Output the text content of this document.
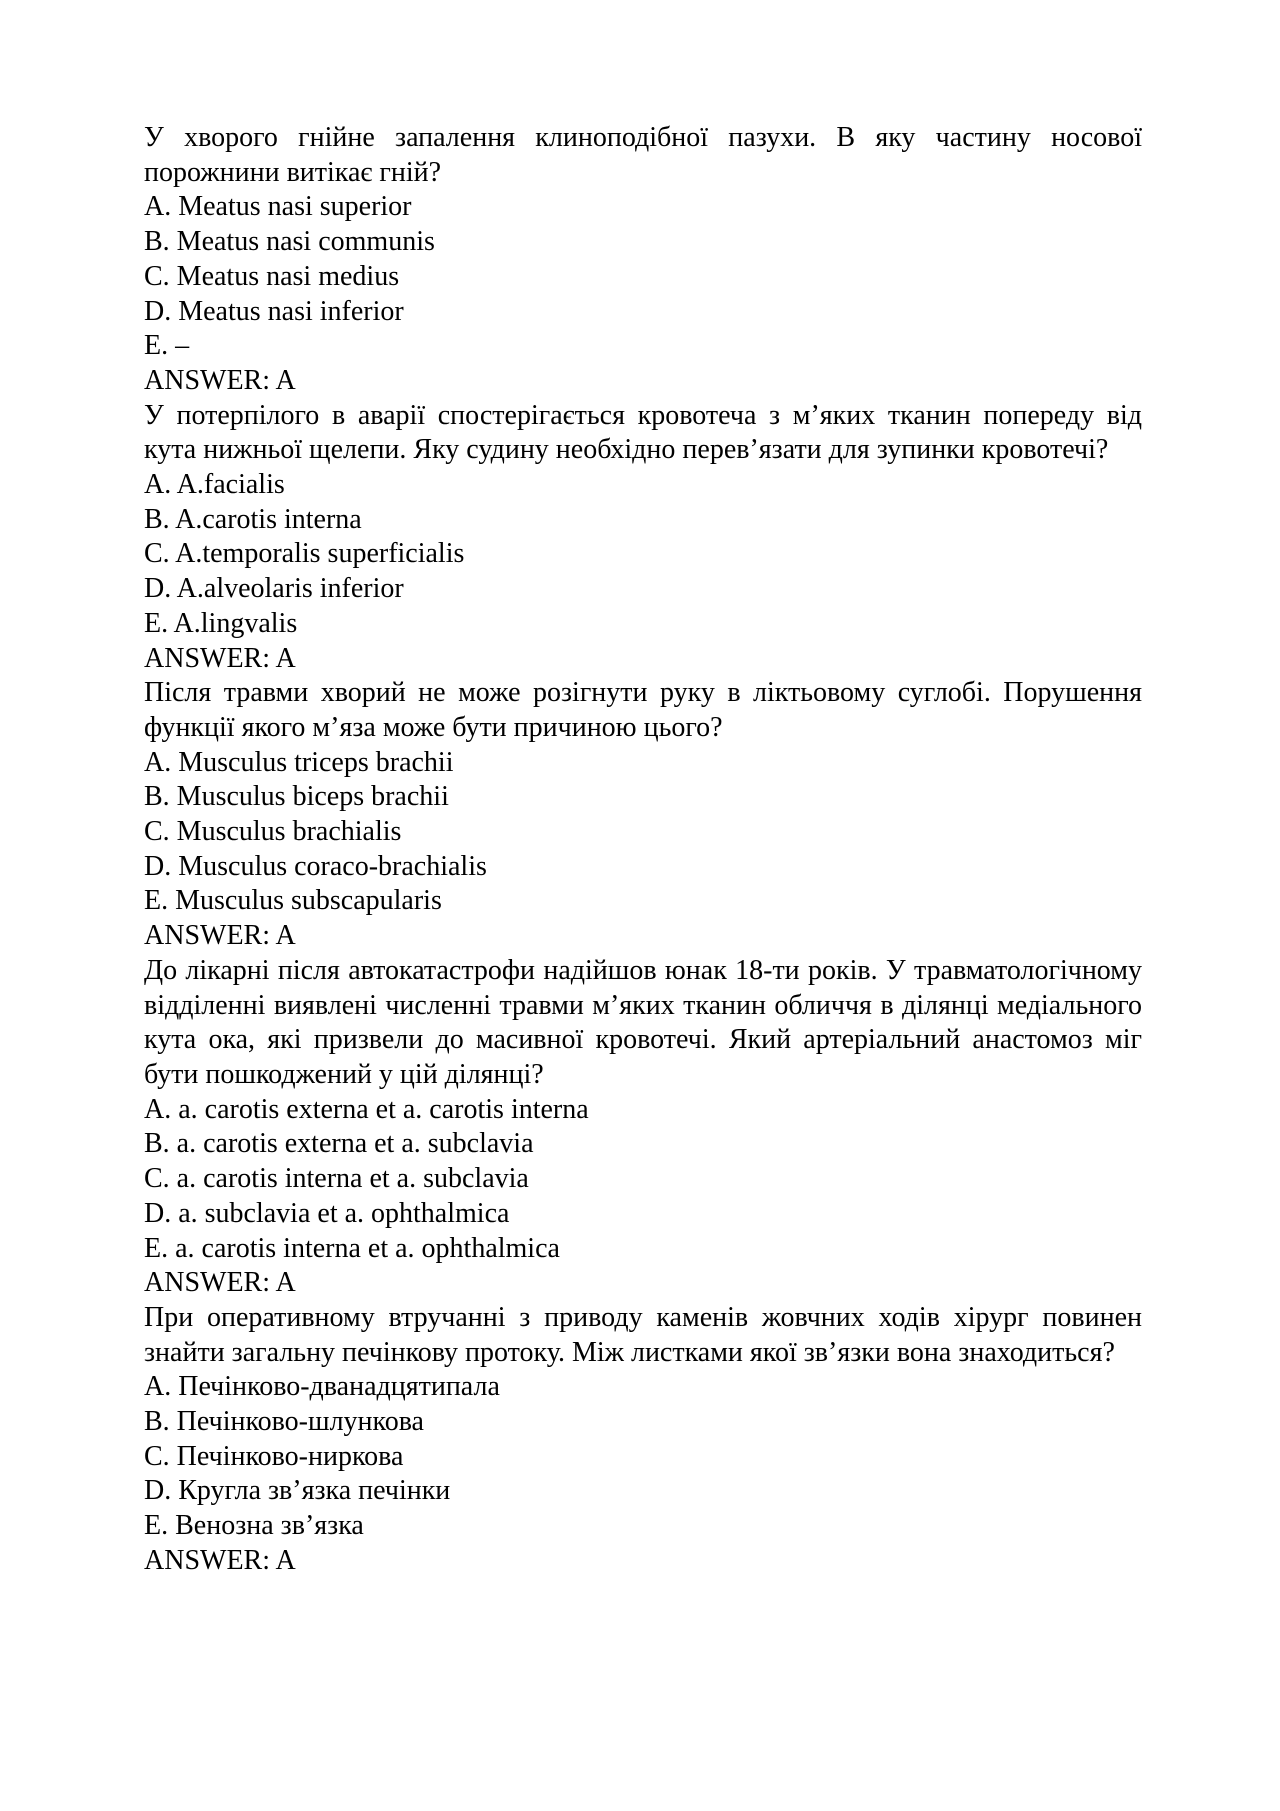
У хворого гнійне запалення клиноподібної пазухи. В яку частину носової порожнини витікає гній?

A. Meatus nasi superior

B. Meatus nasi communis

C. Meatus nasi medius

D. Meatus nasi inferior

E. –

ANSWER: A

У потерпілого в аварії спостерігається кровотеча з м’яких тканин попереду від кута нижньої щелепи. Яку судину необхідно перев’язати для зупинки кровотечі?

A. A.facialis

B. A.carotis interna

C. A.temporalis superficialis

D. A.alveolaris inferior

E. A.lingvalis

ANSWER: A

Після травми хворий не може розігнути руку в ліктьовому суглобі. Порушення функції якого м’яза може бути причиною цього?

A. Musculus triceps brachii

B. Musculus biceps brachii

C. Musculus brachialis

D. Musculus coraco-brachialis

E. Musculus subscapularis

ANSWER: A

До лікарні після автокатастрофи надійшов юнак 18-ти років. У травматологічному відділенні виявлені численні травми м’яких тканин обличчя в ділянці медіального кута ока, які призвели до масивної кровотечі. Який артеріальний анастомоз міг бути пошкоджений у цій ділянці?

A. a. carotis externa et a. carotis interna

B. a. carotis externa et a. subclavia

C. a. carotis interna et a. subclavia

D. a. subclavia et a. ophthalmica

E. a. carotis interna et a. ophthalmica

ANSWER: A

При оперативному втручанні з приводу каменів жовчних ходів хірург повинен знайти загальну печінкову протоку. Між листками якої зв’язки вона знаходиться?

A. Печінково-дванадцятипала

B. Печінково-шлункова

C. Печінково-ниркова

D. Кругла зв’язка печінки

E. Венозна зв’язка

ANSWER: A
